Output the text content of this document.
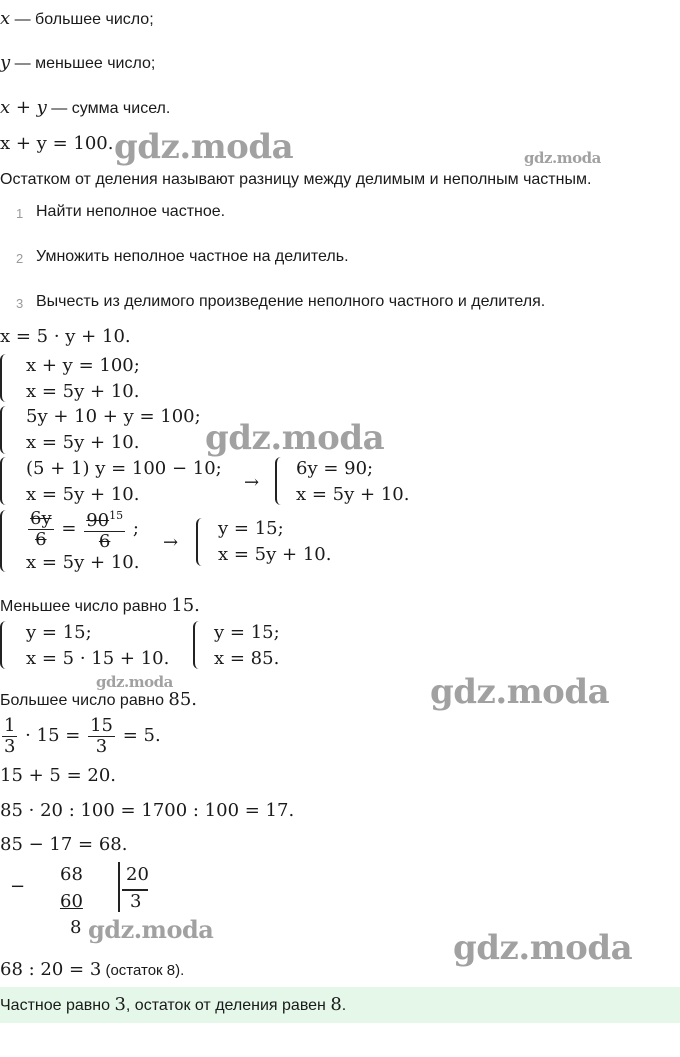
x — большее число;
y — меньшее число;
x + y — сумма чисел.
x + y = 100.
Остатком от деления называют разницу между делимым и неполным частным.
1 Найти неполное частное.
2 Умножить неполное частное на делитель.
3 Вычесть из делимого произведение неполного частного и делителя.
x = 5 · y + 10.
x + y = 100;
x = 5y + 10.
5y + 10 + y = 100;
x = 5y + 10.
(5 + 1) y = 100 − 10;
x = 5y + 10.
→
6y = 90;
x = 5y + 10.
$\frac{6y}{6} = \frac{90^{15}}{6}$ ;
x = 5y + 10.
→
y = 15;
x = 5y + 10.
Меньшее число равно 15.
y = 15;
x = 5 · 15 + 10.
y = 15;
x = 85.
Большее число равно 85.
$\frac{1}{3} \cdot 15 = \frac{15}{3} = 5$.
15 + 5 = 20.
85 · 20 : 100 = 1700 : 100 = 17.
85 − 17 = 68.
−
68
60
8
20
3
68 : 20 = 3 (остаток 8).
Частное равно 3, остаток от деления равен 8.
gdz.moda	gdz.moda
gdz.moda
gdz.moda	gdz.moda
gdz.moda	gdz.moda
